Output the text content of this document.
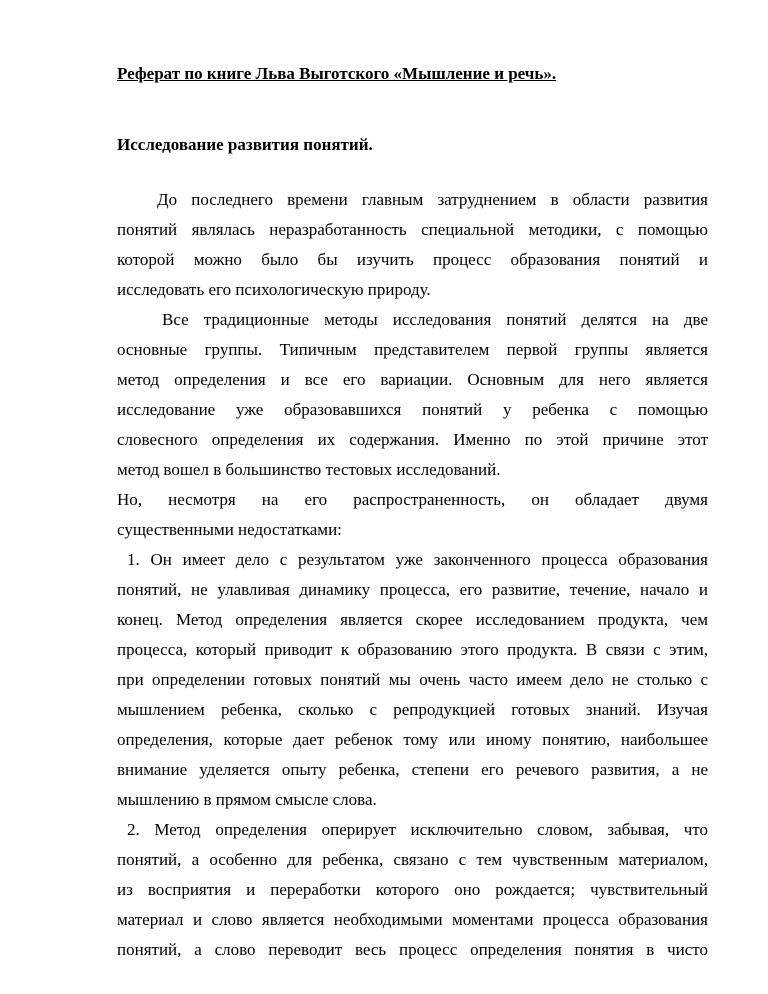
Реферат по книге Льва Выготского «Мышление и речь».
Исследование развития понятий.
До последнего времени главным затруднением в области развития
понятий являлась неразработанность специальной методики, с помощью
которой можно было бы изучить процесс образования понятий и
исследовать его психологическую природу.
Все традиционные методы исследования понятий делятся на две
основные группы. Типичным представителем первой группы является
метод определения и все его вариации. Основным для него является
исследование уже образовавшихся понятий у ребенка с помощью
словесного определения их содержания. Именно по этой причине этот
метод вошел в большинство тестовых исследований.
Но, несмотря на его распространенность, он обладает двумя
существенными недостатками:
1. Он имеет дело с результатом уже законченного процесса образования
понятий, не улавливая динамику процесса, его развитие, течение, начало и
конец. Метод определения является скорее исследованием продукта, чем
процесса, который приводит к образованию этого продукта. В связи с этим,
при определении готовых понятий мы очень часто имеем дело не столько с
мышлением ребенка, сколько с репродукцией готовых знаний. Изучая
определения, которые дает ребенок тому или иному понятию, наибольшее
внимание уделяется опыту ребенка, степени его речевого развития, а не
мышлению в прямом смысле слова.
2. Метод определения оперирует исключительно словом, забывая, что
понятий, а особенно для ребенка, связано с тем чувственным материалом,
из восприятия и переработки которого оно рождается; чувствительный
материал и слово является необходимыми моментами процесса образования
понятий, а слово переводит весь процесс определения понятия в чисто
